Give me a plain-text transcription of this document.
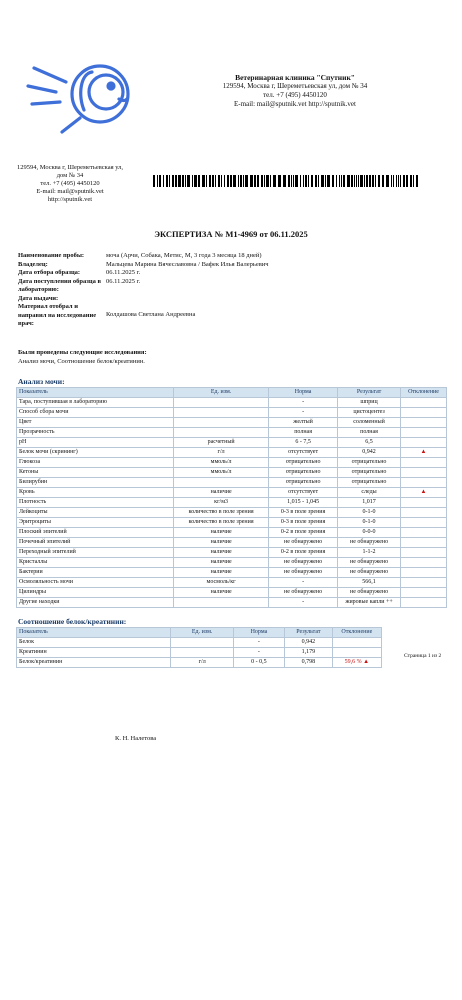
Ветеринарная клиника "Спутник"
129594, Москва г, Шереметьевская ул, дом № 34
тел. +7 (495) 4450120
E-mail: mail@sputnik.vet http://sputnik.vet
129594, Москва г, Шереметьевская ул,
дом № 34
тел. +7 (495) 4450120
E-mail: mail@sputnik.vet
http://sputnik.vet
ЭКСПЕРТИЗА № М1-4969 от 06.11.2025
Наименование пробы:	моча (Арчи, Собака, Метис, М, 3 года 3 месяца 18 дней)
Владелец:	Мальцева Марина Вячеславовна / Вафек Илья Валерьевич
Дата отбора образца:	06.11.2025 г.
Дата поступления образца в лабораторию:
06.11.2025 г.
Дата выдачи:
Материал отобрал и направил на исследование врач:
Колдашова Светлана Андреевна
Были проведены следующие исследования:
Анализ мочи, Соотношение белок/креатинин.
Анализ мочи:
Показатель	Ед. изм.	Норма	Результат	Отклонение
Тара, поступившая в лабораторию		-	шприц	
Способ сбора мочи		-	цистоцентез	
Цвет		желтый	соломенный	
Прозрачность		полная	полная	
pH	расчетный	6 - 7,5	6,5	
Белок мочи (скрининг)	г/л	отсутствует	0,942	▲
Глюкоза	ммоль/л	отрицательно	отрицательно	
Кетоны	ммоль/л	отрицательно	отрицательно	
Билирубин		отрицательно	отрицательно	
Кровь	наличие	отсутствует	следы	▲
Плотность	кг/м3	1,015 - 1,045	1,017	
Лейкоциты	количество в поле зрения	0-3 в поле зрения	0-1-0	
Эритроциты	количество в поле зрения	0-3 в поле зрения	0-1-0	
Плоский эпителий	наличие	0-2 в поле зрения	0-0-0	
Почечный эпителий	наличие	не обнаружено	не обнаружено	
Переходный эпителий	наличие	0-2 в поле зрения	1-1-2	
Кристаллы	наличие	не обнаружено	не обнаружено	
Бактерии	наличие	не обнаружено	не обнаружено	
Осмоляльность мочи	мосмоль/кг	-	566,1	
Цилиндры	наличие	не обнаружено	не обнаружено	
Другие находки		-	жировые капли ++	
Соотношение белок/креатинин:
Показатель	Ед. изм.	Норма	Результат	Отклонение
Белок		-	0,942	
Креатинин		-	1,179	
Белок/креатинин	г/л	0 - 0,5	0,798	59,6 % ▲
Страница 1 из 2
К. Н. Налетова
